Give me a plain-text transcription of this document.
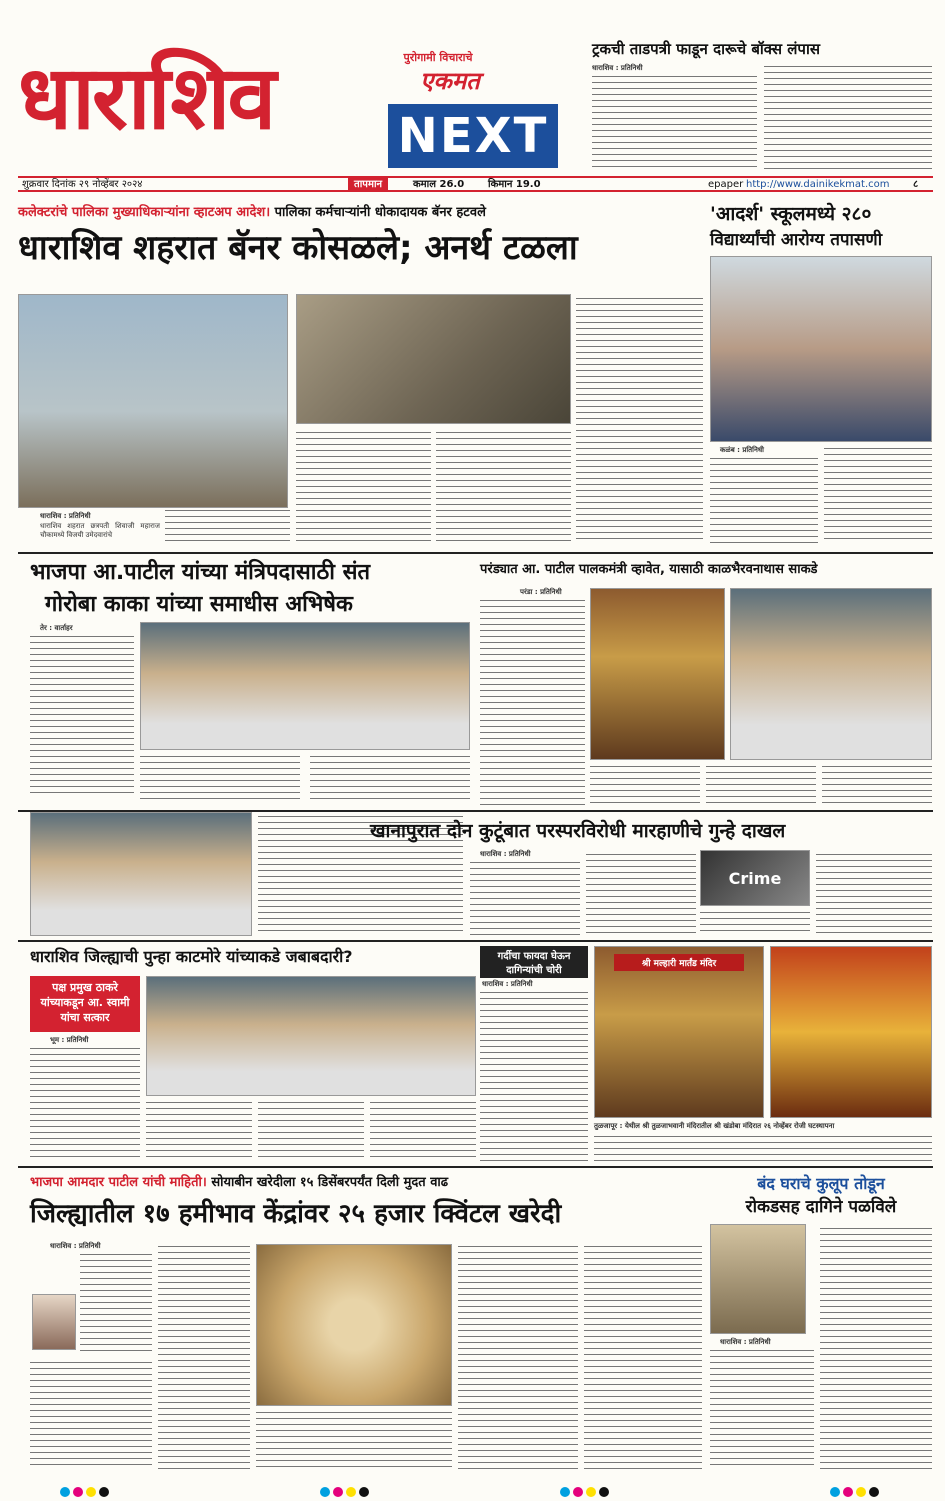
धाराशिव	पुरोगामी विचाराचे
एकमत
NEXT
ट्रकची ताडपत्री फाडून दारूचे बॉक्स लंपास
धाराशिव : प्रतिनिधी
शुक्रवार दिनांक २९ नोव्हेंबर २०२४	तापमान	कमाल 26.0 किमान 19.0	epaper http://www.dainikekmat.com ८
कलेक्टरांचे पालिका मुख्याधिकाऱ्यांना व्हाटअप आदेश। पालिका कर्मचाऱ्यांनी धोकादायक बॅनर हटवले
धाराशिव शहरात बॅनर कोसळले; अनर्थ टळला
धाराशिव : प्रतिनिधी
धाराशिव शहरात छत्रपती शिवाजी महाराज चौकामध्ये विजयी उमेदवारांचे
'आदर्श' स्कूलमध्ये २८०
विद्यार्थ्यांची आरोग्य तपासणी
कळंब : प्रतिनिधी
भाजपा आ.पाटील यांच्या मंत्रिपदासाठी संत
गोरोबा काका यांच्या समाधीस अभिषेक
तेर : वार्ताहर
परंड्यात आ. पाटील पालकमंत्री व्हावेत, यासाठी काळभैरवनाथास साकडे
परंडा : प्रतिनिधी
खानापुरात दोन कुटूंबात परस्परविरोधी मारहाणीचे गुन्हे दाखल
धाराशिव : प्रतिनिधी
Crime
धाराशिव जिल्ह्याची पुन्हा काटमोरे यांच्याकडे जबाबदारी?
पक्ष प्रमुख ठाकरे यांच्याकडून आ. स्वामी यांचा सत्कार
भूम : प्रतिनिधी
गर्दीचा फायदा घेऊन दागिन्यांची चोरी
धाराशिव : प्रतिनिधी
श्री मल्हारी मार्तंड मंदिर
तुळजापूर : येथील श्री तुळजाभवानी मंदिरातील श्री खंडोबा मंदिरात २६ नोव्हेंबर रोजी घटस्थापना
भाजपा आमदार पाटील यांची माहिती। सोयाबीन खरेदीला १५ डिसेंबरपर्यंत दिली मुदत वाढ
जिल्ह्यातील १७ हमीभाव केंद्रांवर २५ हजार क्विंटल खरेदी
धाराशिव : प्रतिनिधी
बंद घराचे कुलूप तोडून
रोकडसह दागिने पळविले
धाराशिव : प्रतिनिधी
